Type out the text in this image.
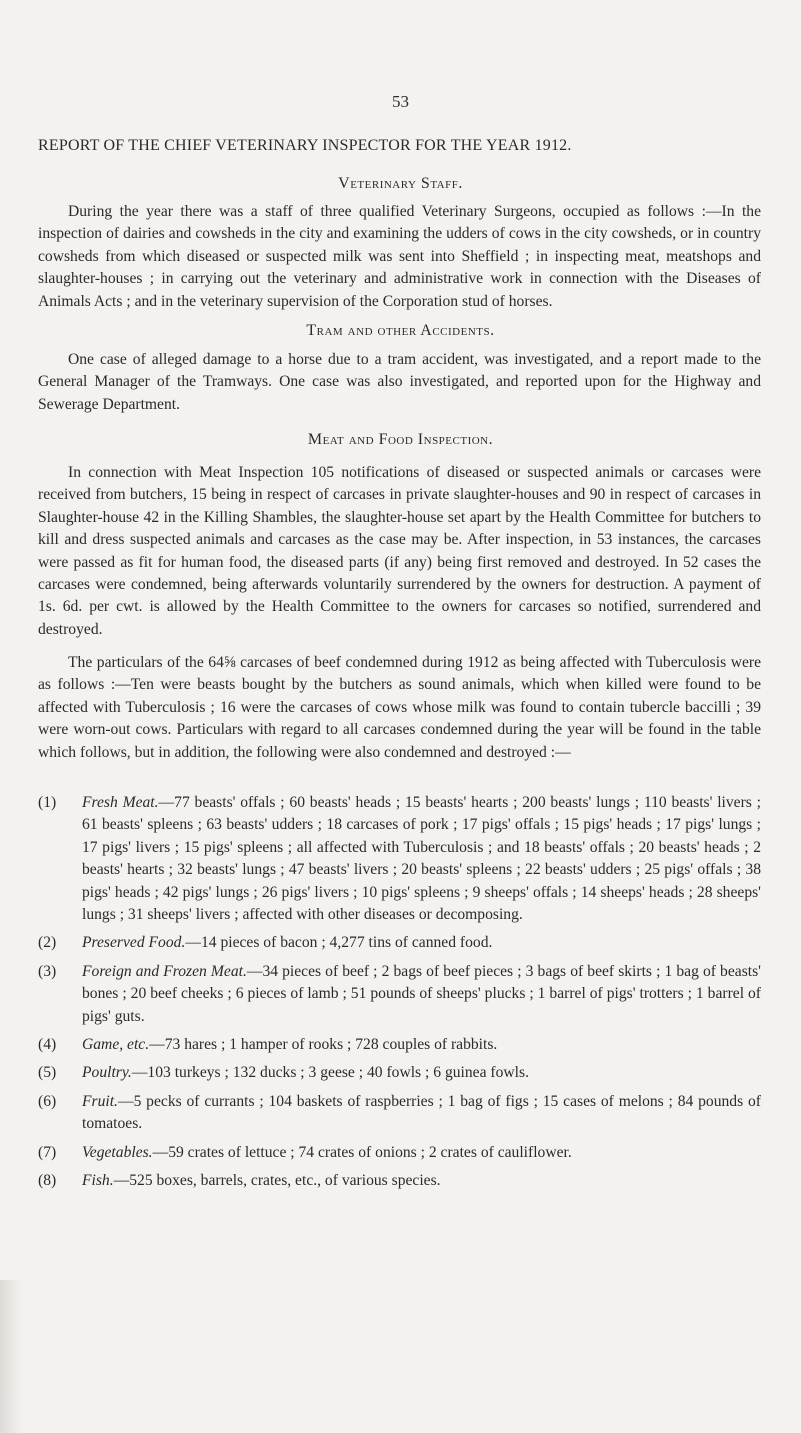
53
REPORT OF THE CHIEF VETERINARY INSPECTOR FOR THE YEAR 1912.
Veterinary Staff.

During the year there was a staff of three qualified Veterinary Surgeons, occupied as follows :—In the inspection of dairies and cowsheds in the city and examining the udders of cows in the city cowsheds, or in country cowsheds from which diseased or suspected milk was sent into Sheffield ; in inspecting meat, meatshops and slaughter-houses ; in carrying out the veterinary and administrative work in connection with the Diseases of Animals Acts ; and in the veterinary supervision of the Corporation stud of horses.

Tram and other Accidents.

One case of alleged damage to a horse due to a tram accident, was investigated, and a report made to the General Manager of the Tramways. One case was also investigated, and reported upon for the Highway and Sewerage Department.

Meat and Food Inspection.

In connection with Meat Inspection 105 notifications of diseased or suspected animals or carcases were received from butchers, 15 being in respect of carcases in private slaughter-houses and 90 in respect of carcases in Slaughter-house 42 in the Killing Shambles, the slaughter-house set apart by the Health Committee for butchers to kill and dress suspected animals and carcases as the case may be. After inspection, in 53 instances, the carcases were passed as fit for human food, the diseased parts (if any) being first removed and destroyed. In 52 cases the carcases were condemned, being afterwards voluntarily surrendered by the owners for destruction. A payment of 1s. 6d. per cwt. is allowed by the Health Committee to the owners for carcases so notified, surrendered and destroyed.

The particulars of the 64⅝ carcases of beef condemned during 1912 as being affected with Tuberculosis were as follows :—Ten were beasts bought by the butchers as sound animals, which when killed were found to be affected with Tuberculosis ; 16 were the carcases of cows whose milk was found to contain tubercle baccilli ; 39 were worn-out cows. Particulars with regard to all carcases condemned during the year will be found in the table which follows, but in addition, the following were also condemned and destroyed :—

(1)	Fresh Meat.—77 beasts' offals ; 60 beasts' heads ; 15 beasts' hearts ; 200 beasts' lungs ; 110 beasts' livers ; 61 beasts' spleens ; 63 beasts' udders ; 18 carcases of pork ; 17 pigs' offals ; 15 pigs' heads ; 17 pigs' lungs ; 17 pigs' livers ; 15 pigs' spleens ; all affected with Tuberculosis ; and 18 beasts' offals ; 20 beasts' heads ; 2 beasts' hearts ; 32 beasts' lungs ; 47 beasts' livers ; 20 beasts' spleens ; 22 beasts' udders ; 25 pigs' offals ; 38 pigs' heads ; 42 pigs' lungs ; 26 pigs' livers ; 10 pigs' spleens ; 9 sheeps' offals ; 14 sheeps' heads ; 28 sheeps' lungs ; 31 sheeps' livers ; affected with other diseases or decomposing.
(2)	Preserved Food.—14 pieces of bacon ; 4,277 tins of canned food.
(3)	Foreign and Frozen Meat.—34 pieces of beef ; 2 bags of beef pieces ; 3 bags of beef skirts ; 1 bag of beasts' bones ; 20 beef cheeks ; 6 pieces of lamb ; 51 pounds of sheeps' plucks ; 1 barrel of pigs' trotters ; 1 barrel of pigs' guts.
(4)	Game, etc.—73 hares ; 1 hamper of rooks ; 728 couples of rabbits.
(5)	Poultry.—103 turkeys ; 132 ducks ; 3 geese ; 40 fowls ; 6 guinea fowls.
(6)	Fruit.—5 pecks of currants ; 104 baskets of raspberries ; 1 bag of figs ; 15 cases of melons ; 84 pounds of tomatoes.
(7)	Vegetables.—59 crates of lettuce ; 74 crates of onions ; 2 crates of cauliflower.
(8)	Fish.—525 boxes, barrels, crates, etc., of various species.
